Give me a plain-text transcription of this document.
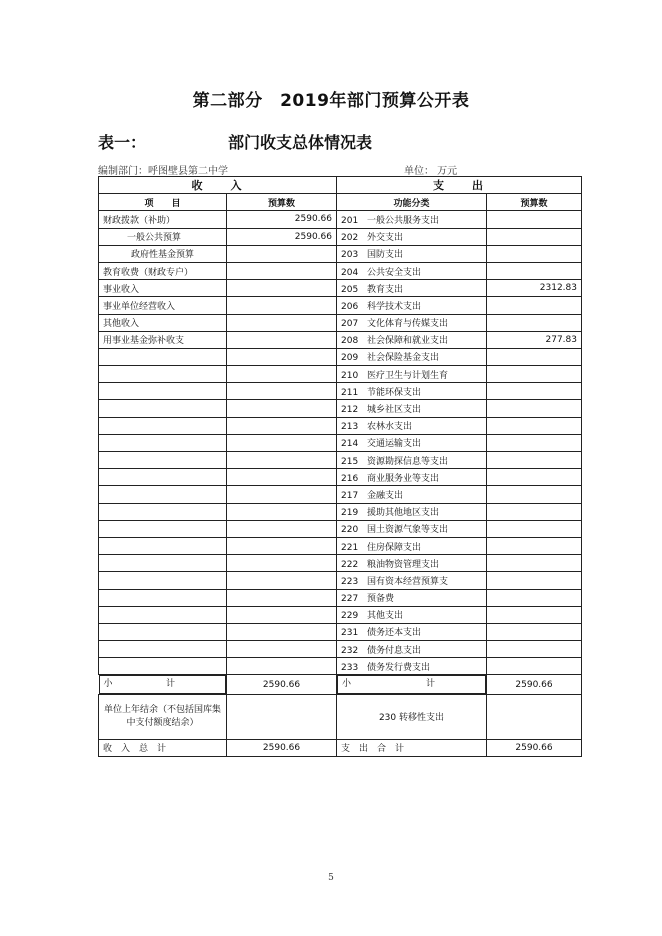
第二部分　2019年部门预算公开表
表一：	部门收支总体情况表
编制部门：呼图壁县第二中学	单位： 万元
收　　入		支　　出	
项　　目	预算数	功能分类	预算数
财政拨款（补助）	2590.66	201 一般公共服务支出	
一般公共预算	2590.66	202 外交支出	
政府性基金预算		203 国防支出	
教育收费（财政专户）		204 公共安全支出	
事业收入		205 教育支出	2312.83
事业单位经营收入		206 科学技术支出	
其他收入		207 文化体育与传媒支出	
用事业基金弥补收支		208 社会保障和就业支出	277.83
		209 社会保险基金支出	
		210 医疗卫生与计划生育	
		211 节能环保支出	
		212 城乡社区支出	
		213 农林水支出	
		214 交通运输支出	
		215 资源勘探信息等支出	
		216 商业服务业等支出	
		217 金融支出	
		219 援助其他地区支出	
		220 国土资源气象等支出	
		221 住房保障支出	
		222 粮油物资管理支出	
		223 国有资本经营预算支	
		227 预备费	
		229 其他支出	
		231 债务还本支出	
		232 债务付息支出	
		233 债务发行费支出	

小	计	2590.66		小	计	2590.66
单位上年结余（不包括国库集中支付额度结余）		230 转移性支出	
收　入　总　计	2590.66	支　出　合　计	2590.66
5
